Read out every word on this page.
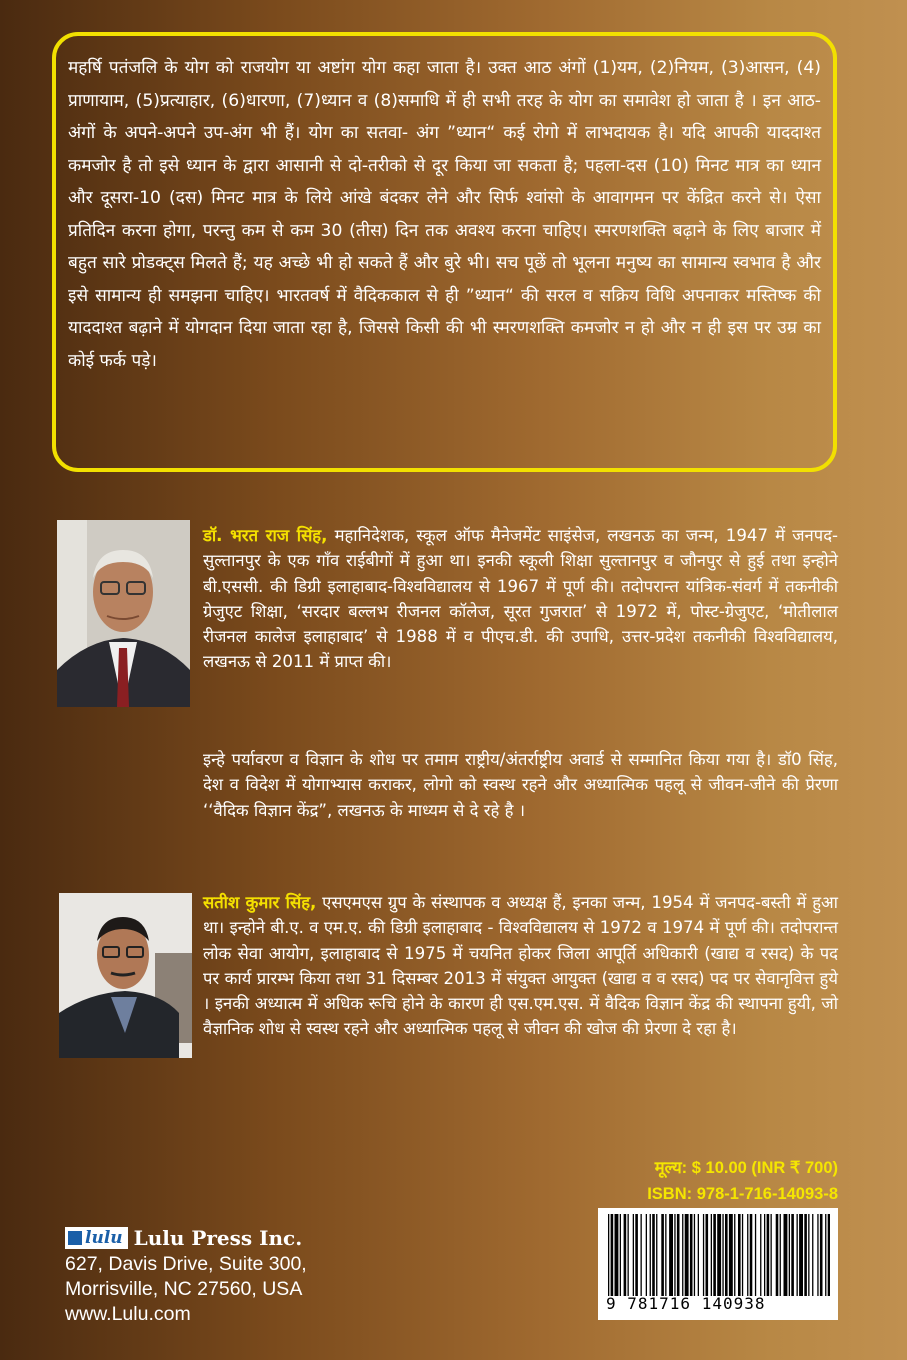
महर्षि पतंजलि के योग को राजयोग या अष्टांग योग कहा जाता है। उक्त आठ अंगों (1)यम, (2)नियम, (3)आसन, (4) प्राणायाम, (5)प्रत्याहार, (6)धारणा, (7)ध्यान व (8)समाधि में ही सभी तरह के योग का समावेश हो जाता है । इन आठ-अंगों के अपने-अपने उप-अंग भी हैं। योग का सतवा- अंग ”ध्यान“ कई रोगो में लाभदायक है। यदि आपकी याददाश्त कमजोर है तो इसे ध्यान के द्वारा आसानी से दो-तरीको से दूर किया जा सकता है; पहला-दस (10) मिनट मात्र का ध्यान और दूसरा-10 (दस) मिनट मात्र के लिये आंखे बंदकर लेने और सिर्फ श्वांसो के आवागमन पर केंद्रित करने से। ऐसा प्रतिदिन करना होगा, परन्तु कम से कम 30 (तीस) दिन तक अवश्य करना चाहिए। स्मरणशक्ति बढ़ाने के लिए बाजार में बहुत सारे प्रोडक्ट्स मिलते हैं; यह अच्छे भी हो सकते हैं और बुरे भी। सच पूछें तो भूलना मनुष्य का सामान्य स्वभाव है और इसे सामान्य ही समझना चाहिए। भारतवर्ष में वैदिककाल से ही ”ध्यान“ की सरल व सक्रिय विधि अपनाकर मस्तिष्क की याददाश्त बढ़ाने में योगदान दिया जाता रहा है, जिससे किसी की भी स्मरणशक्ति कमजोर न हो और न ही इस पर उम्र का कोई फर्क पड़े।

डॉ. भरत राज सिंह, महानिदेशक, स्कूल ऑफ मैनेजमेंट साइंसेज, लखनऊ का जन्म, 1947 में जनपद-सुल्तानपुर के एक गाँव राईबीगों में हुआ था। इनकी स्कूली शिक्षा सुल्तानपुर व जौनपुर से हुई तथा इन्होने बी.एससी. की डिग्री इलाहाबाद-विश्वविद्यालय से 1967 में पूर्ण की। तदोपरान्त यांत्रिक-संवर्ग में तकनीकी ग्रेजुएट शिक्षा, ‘सरदार बल्लभ रीजनल कॉलेज, सूरत गुजरात’ से 1972 में, पोस्ट-ग्रेजुएट, ‘मोतीलाल रीजनल कालेज इलाहाबाद’ से 1988 में व पीएच.डी. की उपाधि, उत्तर-प्रदेश तकनीकी विश्वविद्यालय, लखनऊ से 2011 में प्राप्त की।
इन्हे पर्यावरण व विज्ञान के शोध पर तमाम राष्ट्रीय/अंतर्राष्ट्रीय अवार्ड से सम्मानित किया गया है। डॉ0 सिंह, देश व विदेश में योगाभ्यास कराकर, लोगो को स्वस्थ रहने और अध्यात्मिक पहलू से जीवन-जीने की प्रेरणा ‘‘वैदिक विज्ञान केंद्र”, लखनऊ के माध्यम से दे रहे है ।
सतीश कुमार सिंह, एसएमएस ग्रुप के संस्थापक व अध्यक्ष हैं, इनका जन्म, 1954 में जनपद-बस्ती में हुआ था। इन्होने बी.ए. व एम.ए. की डिग्री इलाहाबाद - विश्वविद्यालय से 1972 व 1974 में पूर्ण की। तदोपरान्त लोक सेवा आयोग, इलाहाबाद से 1975 में चयनित होकर जिला आपूर्ति अधिकारी (खाद्य व रसद) के पद पर कार्य प्रारम्भ किया तथा 31 दिसम्बर 2013 में संयुक्त आयुक्त (खाद्य व व रसद) पद पर सेवानृवित्त हुये । इनकी अध्यात्म में अधिक रूचि होने के कारण ही एस.एम.एस. में वैदिक विज्ञान केंद्र की स्थापना हुयी, जो वैज्ञानिक शोध से स्वस्थ रहने और अध्यात्मिक पहलू से जीवन की खोज की प्रेरणा दे रहा है।
मूल्य: $ 10.00 (INR ₹ 700)
ISBN: 978-1-716-14093-8
9 781716 140938
lulu Lulu Press Inc.
627, Davis Drive, Suite 300,
Morrisville, NC 27560, USA
www.Lulu.com
